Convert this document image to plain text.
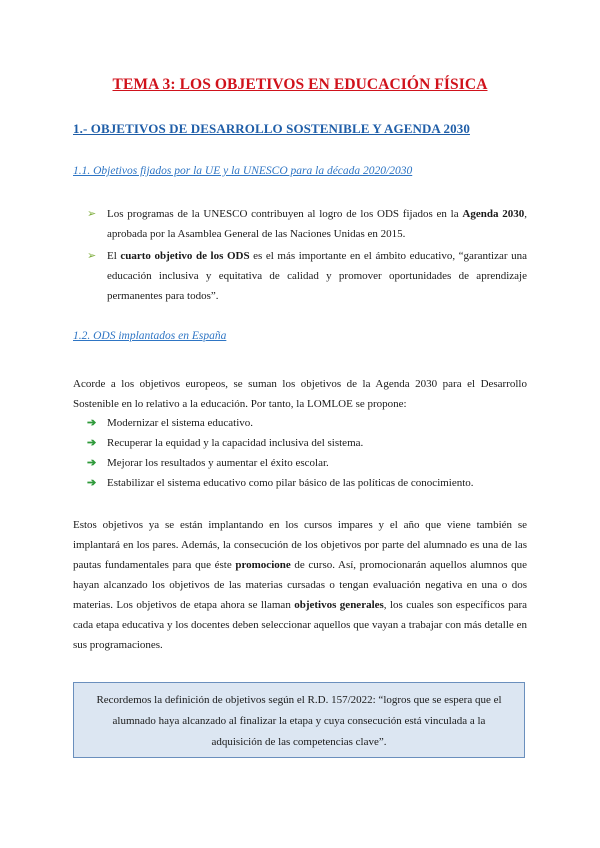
TEMA 3: LOS OBJETIVOS EN EDUCACIÓN FÍSICA
1.- OBJETIVOS DE DESARROLLO SOSTENIBLE Y AGENDA 2030
1.1. Objetivos fijados por la UE y la UNESCO para la década 2020/2030
➢ Los programas de la UNESCO contribuyen al logro de los ODS fijados en la Agenda 2030, aprobada por la Asamblea General de las Naciones Unidas en 2015.
➢ El cuarto objetivo de los ODS es el más importante en el ámbito educativo, “garantizar una educación inclusiva y equitativa de calidad y promover oportunidades de aprendizaje permanentes para todos”.
1.2. ODS implantados en España
Acorde a los objetivos europeos, se suman los objetivos de la Agenda 2030 para el Desarrollo Sostenible en lo relativo a la educación. Por tanto, la LOMLOE se propone:
➔ Modernizar el sistema educativo.
➔ Recuperar la equidad y la capacidad inclusiva del sistema.
➔ Mejorar los resultados y aumentar el éxito escolar.
➔ Estabilizar el sistema educativo como pilar básico de las políticas de conocimiento.
Estos objetivos ya se están implantando en los cursos impares y el año que viene también se implantará en los pares. Además, la consecución de los objetivos por parte del alumnado es una de las pautas fundamentales para que éste promocione de curso. Así, promocionarán aquellos alumnos que hayan alcanzado los objetivos de las materias cursadas o tengan evaluación negativa en una o dos materias. Los objetivos de etapa ahora se llaman objetivos generales, los cuales son específicos para cada etapa educativa y los docentes deben seleccionar aquellos que vayan a trabajar con más detalle en sus programaciones.
Recordemos la definición de objetivos según el R.D. 157/2022: “logros que se espera que el alumnado haya alcanzado al finalizar la etapa y cuya consecución está vinculada a la adquisición de las competencias clave”.
